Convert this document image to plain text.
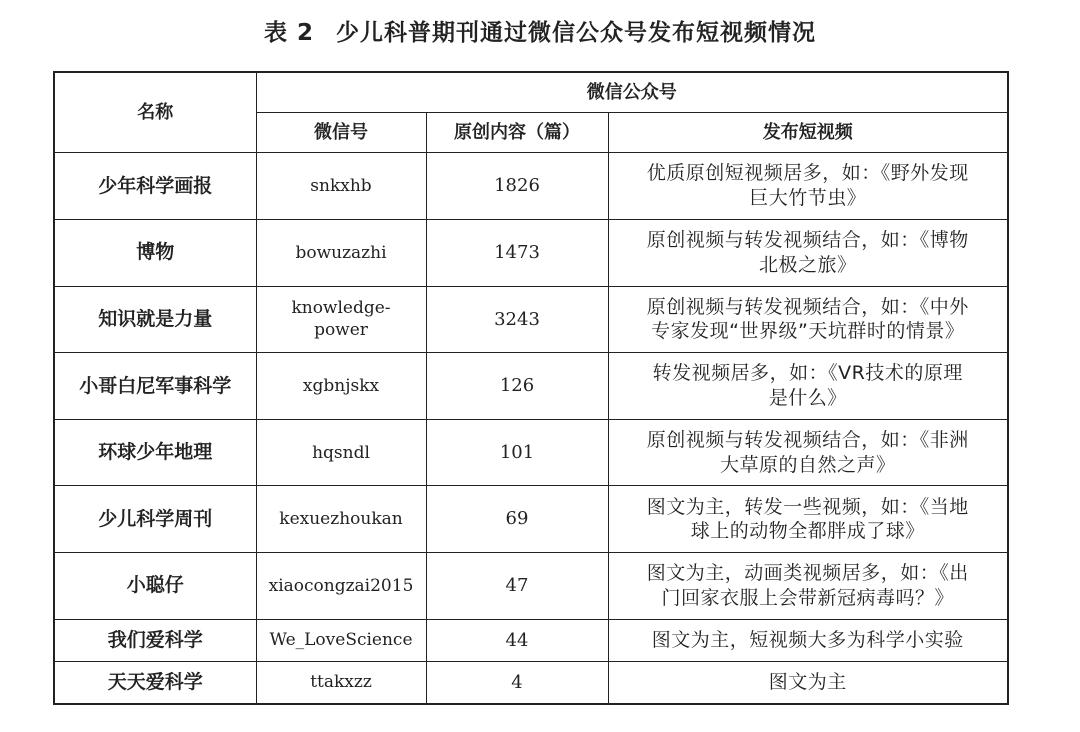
表 2 少儿科普期刊通过微信公众号发布短视频情况
名称	微信公众号		
	微信号	原创内容（篇）	发布短视频
少年科学画报	snkxhb	1826	优质原创短视频居多，如：《野外发现
巨大竹节虫》
博物	bowuzazhi	1473	原创视频与转发视频结合，如：《博物
北极之旅》
知识就是力量	knowledge-
power	3243	原创视频与转发视频结合，如：《中外
专家发现“世界级”天坑群时的情景》
小哥白尼军事科学	xgbnjskx	126	转发视频居多，如：《VR技术的原理
是什么》
环球少年地理	hqsndl	101	原创视频与转发视频结合，如：《非洲
大草原的自然之声》
少儿科学周刊	kexuezhoukan	69	图文为主，转发一些视频，如：《当地
球上的动物全都胖成了球》
小聪仔	xiaocongzai2015	47	图文为主，动画类视频居多，如：《出
门回家衣服上会带新冠病毒吗？》
我们爱科学	We_LoveScience	44	图文为主，短视频大多为科学小实验
天天爱科学	ttakxzz	4	图文为主
